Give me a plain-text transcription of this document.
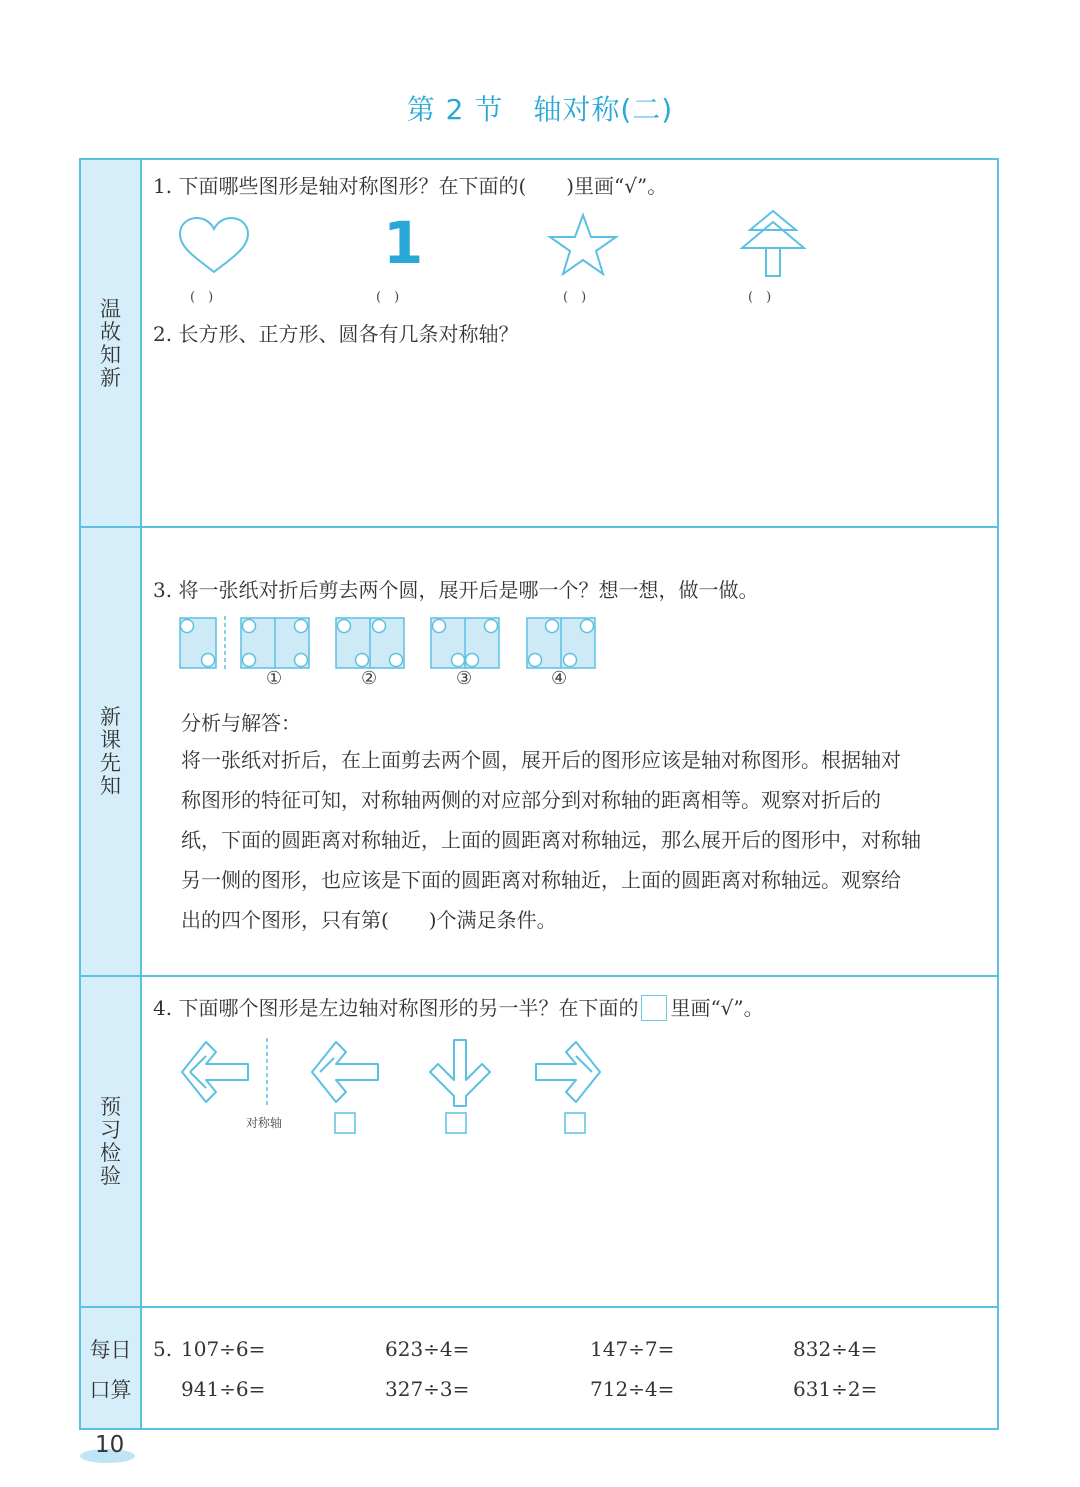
第 2 节 轴对称(二)
温
故
知
新
新
课
先
知
预
习
检
验
每日
口算
1. 下面哪些图形是轴对称图形？在下面的(　　)里画“√”。
1
(　)	(　)	(　)	(　)
2. 长方形、正方形、圆各有几条对称轴？
3. 将一张纸对折后剪去两个圆，展开后是哪一个？想一想，做一做。
①	②	③	④
分析与解答：
将一张纸对折后，在上面剪去两个圆，展开后的图形应该是轴对称图形。根据轴对
称图形的特征可知，对称轴两侧的对应部分到对称轴的距离相等。观察对折后的
纸，下面的圆距离对称轴近，上面的圆距离对称轴远，那么展开后的图形中，对称轴
另一侧的图形，也应该是下面的圆距离对称轴近，上面的圆距离对称轴远。观察给
出的四个图形，只有第(　　)个满足条件。
4. 下面哪个图形是左边轴对称图形的另一半？在下面的 里画“√”。
对称轴
5. 107÷6=	623÷4=	147÷7=	832÷4=
941÷6=	327÷3=	712÷4=	631÷2=
10
